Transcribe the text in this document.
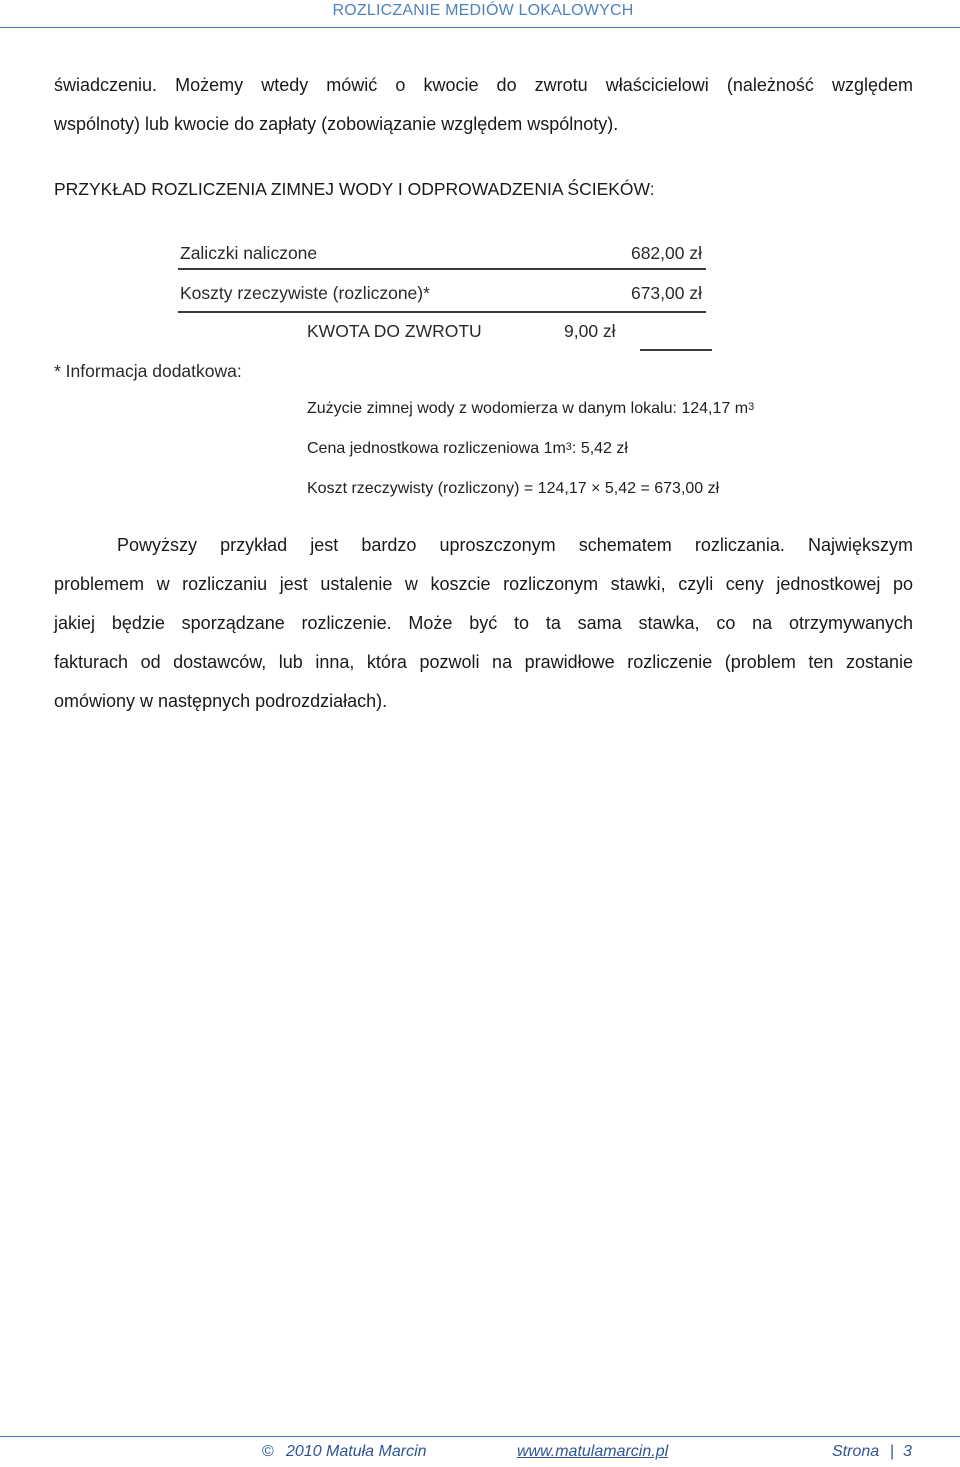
ROZLICZANIE MEDIÓW LOKALOWYCH
świadczeniu. Możemy wtedy mówić o kwocie do zwrotu właścicielowi (należność względem
wspólnoty) lub kwocie do zapłaty (zobowiązanie względem wspólnoty).
PRZYKŁAD ROZLICZENIA ZIMNEJ WODY I ODPROWADZENIA ŚCIEKÓW:
Zaliczki naliczone	682,00 zł
Koszty rzeczywiste (rozliczone)*	673,00 zł
KWOTA DO ZWROTU	9,00 zł
* Informacja dodatkowa:
Zużycie zimnej wody z wodomierza w danym lokalu: 124,17 $m^3$
Cena jednostkowa rozliczeniowa $1m^3$: 5,42 zł
Koszt rzeczywisty (rozliczony) = 124,17 × 5,42 = 673,00 zł
Powyższy przykład jest bardzo uproszczonym schematem rozliczania. Największym
problemem w rozliczaniu jest ustalenie w koszcie rozliczonym stawki, czyli ceny jednostkowej po
jakiej będzie sporządzane rozliczenie. Może być to ta sama stawka, co na otrzymywanych
fakturach od dostawców, lub inna, która pozwoli na prawidłowe rozliczenie (problem ten zostanie
omówiony w następnych podrozdziałach).
© 2010 Matuła Marcin	www.matulamarcin.pl	Strona | 3
